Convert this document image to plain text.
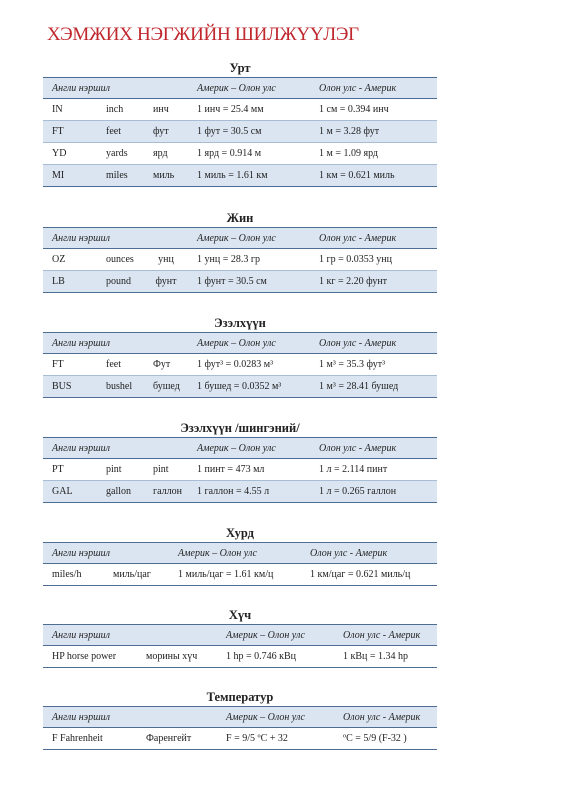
ХЭМЖИХ НЭГЖИЙН ШИЛЖҮҮЛЭГ
Урт
Англи нэршил			Америк – Олон улс	Олон улс - Америк
IN	inch	инч	1 инч = 25.4 мм	1 см = 0.394 инч
FT	feet	фут	1 фут = 30.5 см	1 м = 3.28 фут
YD	yards	ярд	1 ярд = 0.914 м	1 м = 1.09 ярд
MI	miles	миль	1 миль = 1.61 км	1 км = 0.621 миль
Жин
Англи нэршил			Америк – Олон улс	Олон улс - Америк
OZ	ounces	унц	1 унц = 28.3 гр	1 гр = 0.0353 унц
LB	pound	фунт	1 фунт = 30.5 см	1 кг = 2.20 фунт
Эзэлхүүн
Англи нэршил			Америк – Олон улс	Олон улс - Америк
FT	feet	Фут	1 фут³ = 0.0283 м³	1 м³ = 35.3 фут³
BUS	bushel	бушед	1 бушед = 0.0352 м³	1 м³ = 28.41 бушед
Эзэлхүүн /шингэний/
Англи нэршил			Америк – Олон улс	Олон улс - Америк
PT	pint	pint	1 пинт = 473 мл	1 л = 2.114 пинт
GAL	gallon	галлон	1 галлон = 4.55 л	1 л = 0.265 галлон
Хурд
Англи нэршил		Америк – Олон улс	Олон улс - Америк
miles/h	миль/цаг	1 миль/цаг = 1.61 км/ц	1 км/цаг = 0.621 миль/ц
Хүч
Англи нэршил		Америк – Олон улс	Олон улс - Америк
HP horse power	морины хүч	1 hp = 0.746 кВц	1 кВц = 1.34 hp
Температур
Англи нэршил		Америк – Олон улс	Олон улс - Америк
F Fahrenheit	Фаренгейт	F = 9/5 ºC + 32	ºC = 5/9 (F-32 )
